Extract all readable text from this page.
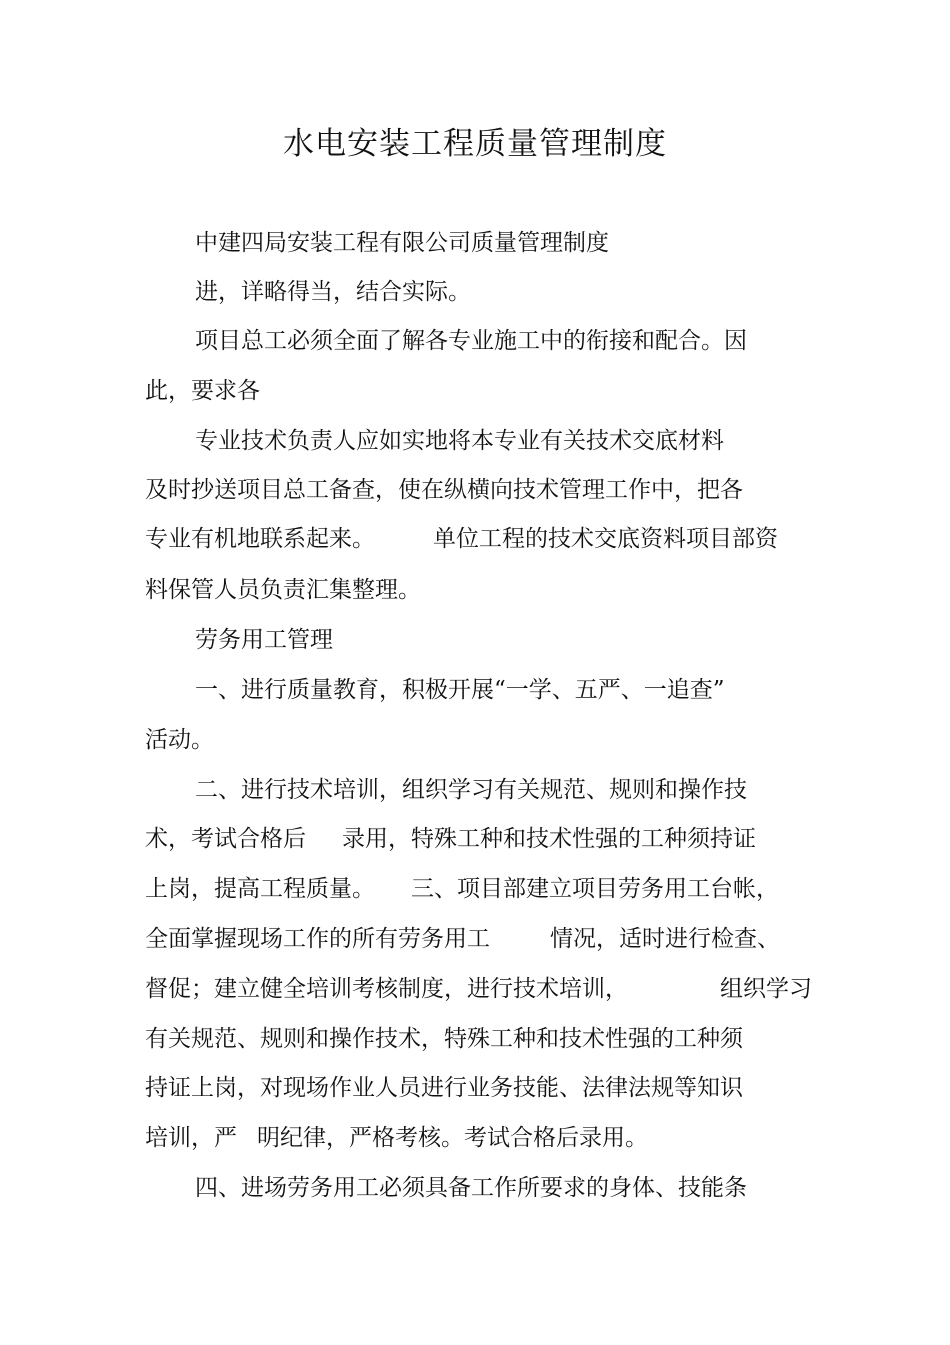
水电安装工程质量管理制度
中建四局安装工程有限公司质量管理制度
进，详略得当，结合实际。
项目总工必须全面了解各专业施工中的衔接和配合。因
此，要求各
专业技术负责人应如实地将本专业有关技术交底材料
及时抄送项目总工备查，使在纵横向技术管理工作中，把各
专业有机地联系起来。	单位工程的技术交底资料项目部资
料保管人员负责汇集整理。
劳务用工管理
一、进行质量教育，积极开展“一学、五严、一追查”
活动。
二、进行技术培训，组织学习有关规范、规则和操作技
术，考试合格后 录用，特殊工种和技术性强的工种须持证
上岗，提高工程质量。 三、项目部建立项目劳务用工台帐，
全面掌握现场工作的所有劳务用工	情况，适时进行检查、
督促；建立健全培训考核制度，进行技术培训，	组织学习
有关规范、规则和操作技术，特殊工种和技术性强的工种须
持证上岗，对现场作业人员进行业务技能、法律法规等知识
培训，严 明纪律，严格考核。考试合格后录用。
四、进场劳务用工必须具备工作所要求的身体、技能条
